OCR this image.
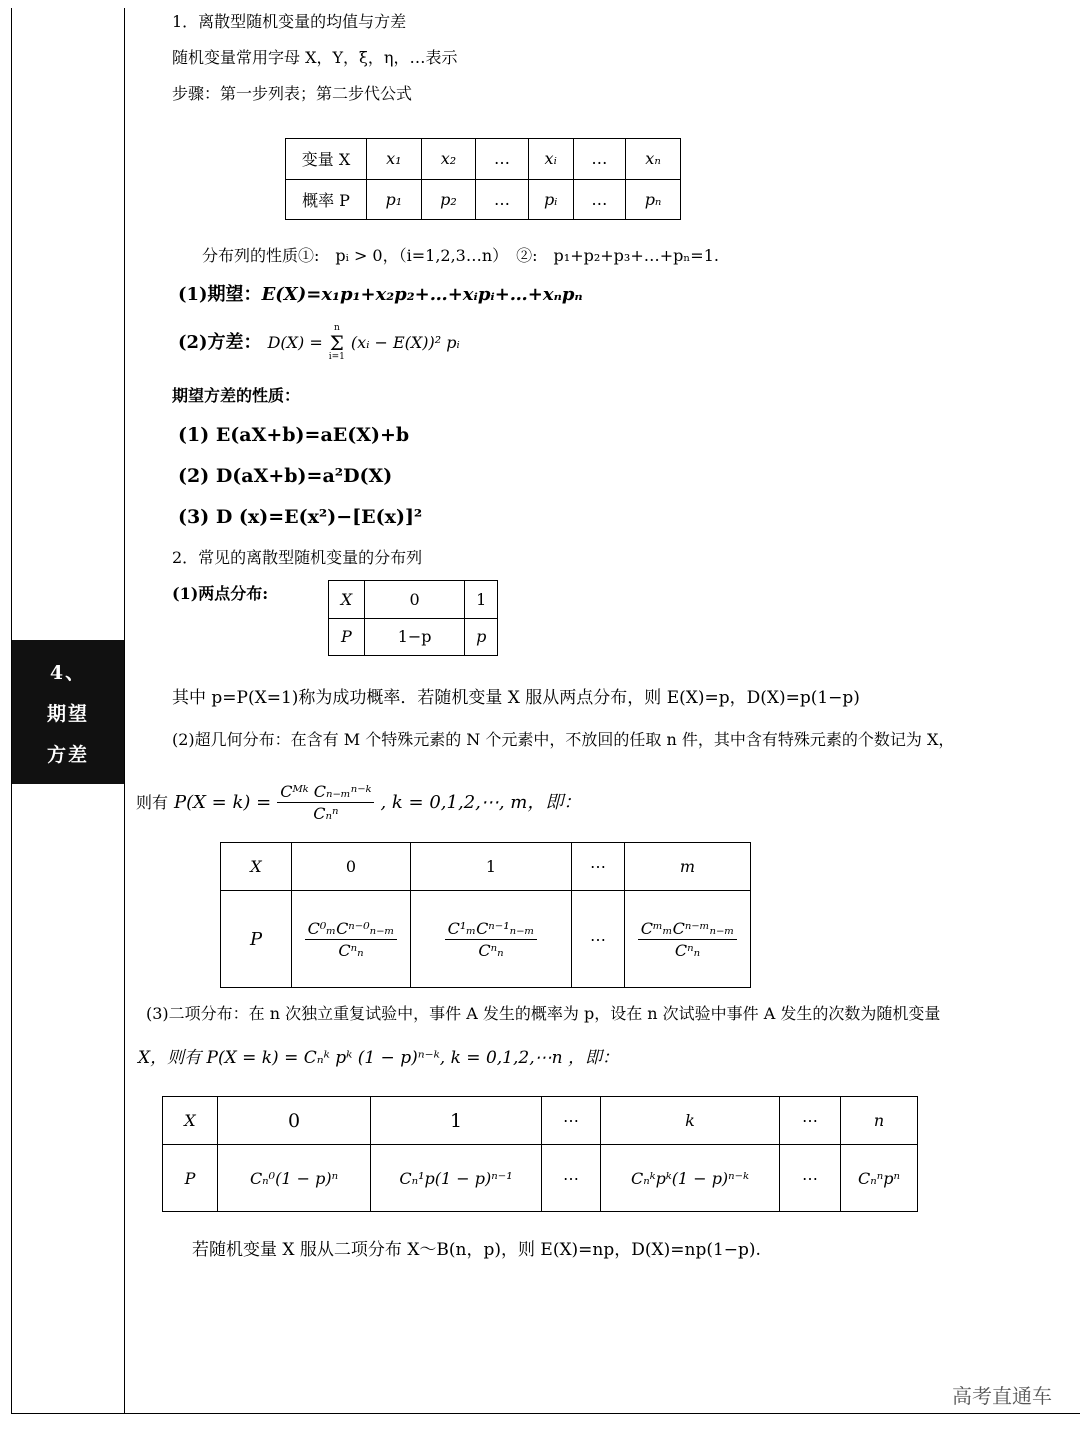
4、
期望
方差
1．离散型随机变量的均值与方差
随机变量常用字母 X，Y，ξ，η，…表示
步骤：第一步列表；第二步代公式
变量 X	x₁	x₂	…	xᵢ	…	xₙ
概率 P	p₁	p₂	…	pᵢ	…	pₙ
分布列的性质①:　pᵢ > 0，（i=1,2,3…n）　②:　p₁+p₂+p₃+…+pₙ=1.
(1)期望：E(X)=x₁p₁+x₂p₂+…+xᵢpᵢ+…+xₙpₙ
(2)方差： D(X) =
n
Σ
i=1
(xᵢ − E(X))² pᵢ
期望方差的性质：
(1) E(aX+b)=aE(X)+b
(2) D(aX+b)=a²D(X)
(3) D (x)=E(x²)−[E(x)]²
2．常见的离散型随机变量的分布列
(1)两点分布:	X	0	1
P	1−p	p
其中 p=P(X=1)称为成功概率．若随机变量 X 服从两点分布，则 E(X)=p，D(X)=p(1−p)
(2)超几何分布：在含有 M 个特殊元素的 N 个元素中，不放回的任取 n 件，其中含有特殊元素的个数记为 X，
则有 $P(X = k) = \frac{\text{Cᴹᵏ Cₙ₋ₘⁿ⁻ᵏ}}{\text{Cₙⁿ}}$ , k = 0,1,2,⋯, m，即：
X	0	1	⋯	m
P	$\frac{\text{C⁰ₘCⁿ⁻⁰ₙ₋ₘ}}{\text{Cⁿₙ}}$	$\frac{\text{C¹ₘCⁿ⁻¹ₙ₋ₘ}}{\text{Cⁿₙ}}$	⋯	$\frac{\text{CᵐₘCⁿ⁻ᵐₙ₋ₘ}}{\text{Cⁿₙ}}$
(3)二项分布：在 n 次独立重复试验中，事件 A 发生的概率为 p，设在 n 次试验中事件 A 发生的次数为随机变量
X，则有 P(X = k) = Cₙᵏ pᵏ (1 − p)ⁿ⁻ᵏ, k = 0,1,2,⋯n ，即：
X	0	1	⋯	k	⋯	n
P	Cₙ⁰(1 − p)ⁿ	Cₙ¹p(1 − p)ⁿ⁻¹	⋯	Cₙᵏpᵏ(1 − p)ⁿ⁻ᵏ	⋯	Cₙⁿpⁿ
若随机变量 X 服从二项分布 X～B(n，p)，则 E(X)=np，D(X)=np(1−p).
高考直通车
